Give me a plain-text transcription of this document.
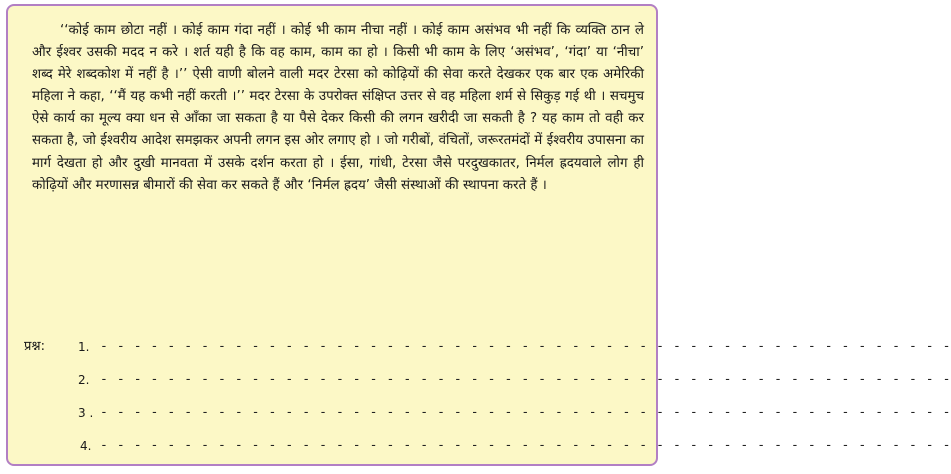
‘‘कोई काम छोटा नहीं । कोई काम गंदा नहीं । कोई भी काम नीचा नहीं । कोई काम असंभव भी नहीं कि व्यक्ति ठान ले और ईश्वर उसकी मदद न करे । शर्त यही है कि वह काम, काम का हो । किसी भी काम के लिए ‘असंभव’, ‘गंदा’ या ‘नीचा’ शब्द मेरे शब्दकोश में नहीं है ।’’ ऐसी वाणी बोलने वाली मदर टेरसा को कोढ़ियों की सेवा करते देखकर एक बार एक अमेरिकी महिला ने कहा, ‘‘मैं यह कभी नहीं करती ।’’ मदर टेरसा के उपरोक्त संक्षिप्त उत्तर से वह महिला शर्म से सिकुड़ गई थी । सचमुच ऐसे कार्य का मूल्य क्या धन से आँका जा सकता है या पैसे देकर किसी की लगन खरीदी जा सकती है ? यह काम तो वही कर सकता है, जो ईश्वरीय आदेश समझकर अपनी लगन इस ओर लगाए हो । जो गरीबों, वंचितों, जरूरतमंदों में ईश्वरीय उपासना का मार्ग देखता हो और दुखी मानवता में उसके दर्शन करता हो । ईसा, गांधी, टेरसा जैसे परदुखकातर, निर्मल ह्रदयवाले लोग ही कोढ़ियों और मरणासन्न बीमारों की सेवा कर सकते हैं और ‘निर्मल ह्रदय’ जैसी संस्थाओं की स्थापना करते हैं ।

प्रश्न:	1. - - - - - - - - - - - - - - - - - - - - - - - - - - - - - - - - - - - - - - - - - - - - - - - - - - -
2. - - - - - - - - - - - - - - - - - - - - - - - - - - - - - - - - - - - - - - - - - - - - - - - - - - -
3 . - - - - - - - - - - - - - - - - - - - - - - - - - - - - - - - - - - - - - - - - - - - - - - - - - - -
4. - - - - - - - - - - - - - - - - - - - - - - - - - - - - - - - - - - - - - - - - - - - - - - - - - - -
